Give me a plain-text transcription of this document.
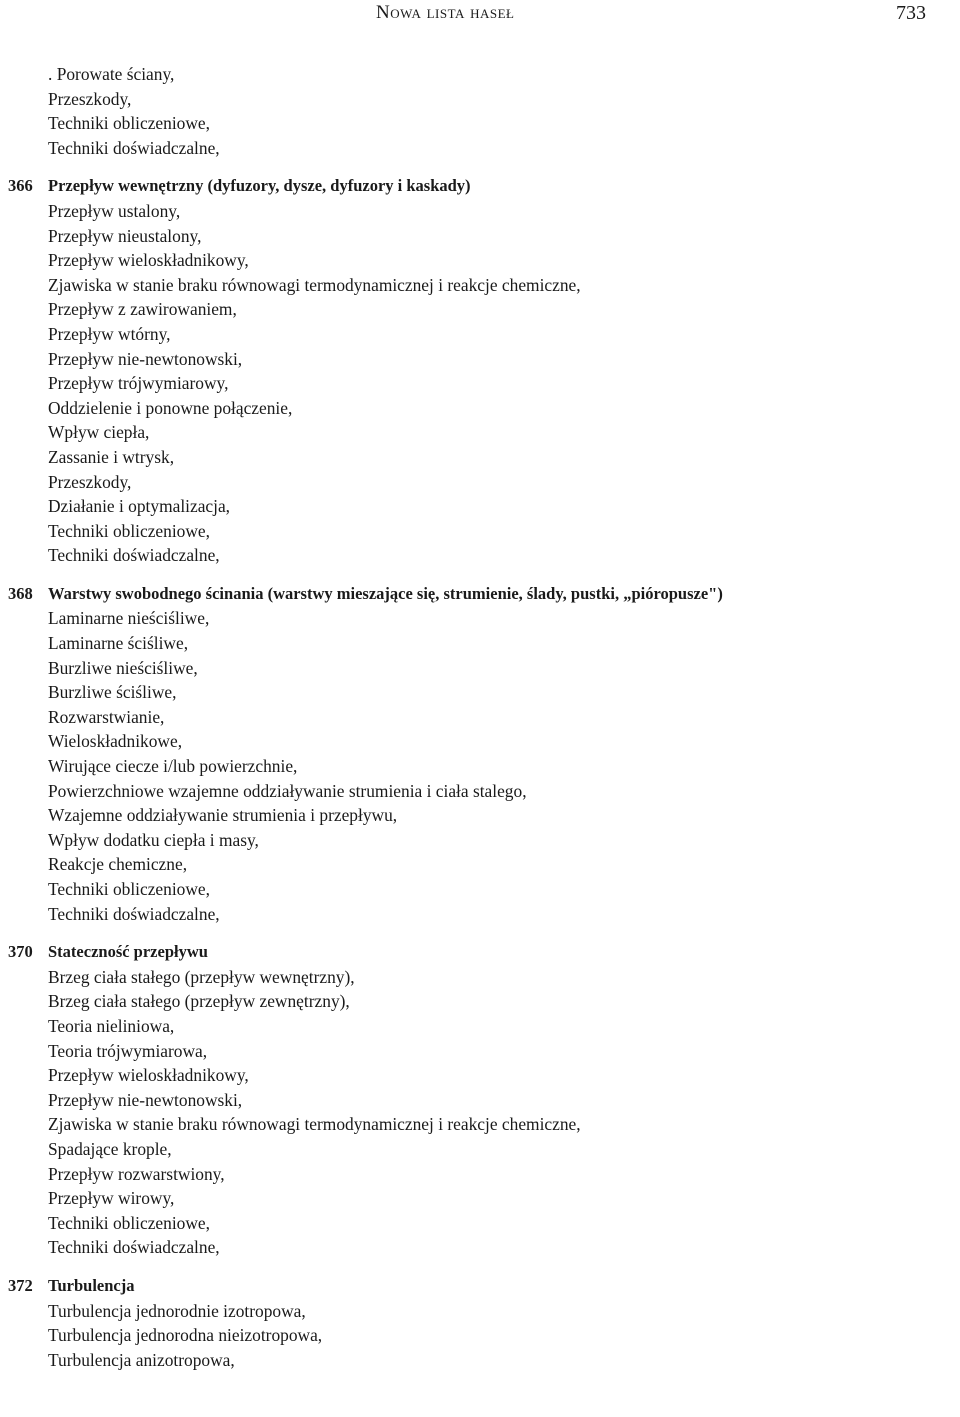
Nowa lista haseł	733
. Porowate ściany,
Przeszkody,
Techniki obliczeniowe,
Techniki doświadczalne,
366 Przepływ wewnętrzny (dyfuzory, dysze, dyfuzory i kaskady)
Przepływ ustalony,
Przepływ nieustalony,
Przepływ wieloskładnikowy,
Zjawiska w stanie braku równowagi termodynamicznej i reakcje chemiczne,
Przepływ z zawirowaniem,
Przepływ wtórny,
Przepływ nie-newtonowski,
Przepływ trójwymiarowy,
Oddzielenie i ponowne połączenie,
Wpływ ciepła,
Zassanie i wtrysk,
Przeszkody,
Działanie i optymalizacja,
Techniki obliczeniowe,
Techniki doświadczalne,
368 Warstwy swobodnego ścinania (warstwy mieszające się, strumienie, ślady, pustki, „pióropusze")
Laminarne nieściśliwe,
Laminarne ściśliwe,
Burzliwe nieściśliwe,
Burzliwe ściśliwe,
Rozwarstwianie,
Wieloskładnikowe,
Wirujące ciecze i/lub powierzchnie,
Powierzchniowe wzajemne oddziaływanie strumienia i ciała stalego,
Wzajemne oddziaływanie strumienia i przepływu,
Wpływ dodatku ciepła i masy,
Reakcje chemiczne,
Techniki obliczeniowe,
Techniki doświadczalne,
370 Stateczność przepływu
Brzeg ciała stałego (przepływ wewnętrzny),
Brzeg ciała stałego (przepływ zewnętrzny),
Teoria nieliniowa,
Teoria trójwymiarowa,
Przepływ wieloskładnikowy,
Przepływ nie-newtonowski,
Zjawiska w stanie braku równowagi termodynamicznej i reakcje chemiczne,
Spadające krople,
Przepływ rozwarstwiony,
Przepływ wirowy,
Techniki obliczeniowe,
Techniki doświadczalne,
372 Turbulencja
Turbulencja jednorodnie izotropowa,
Turbulencja jednorodna nieizotropowa,
Turbulencja anizotropowa,
